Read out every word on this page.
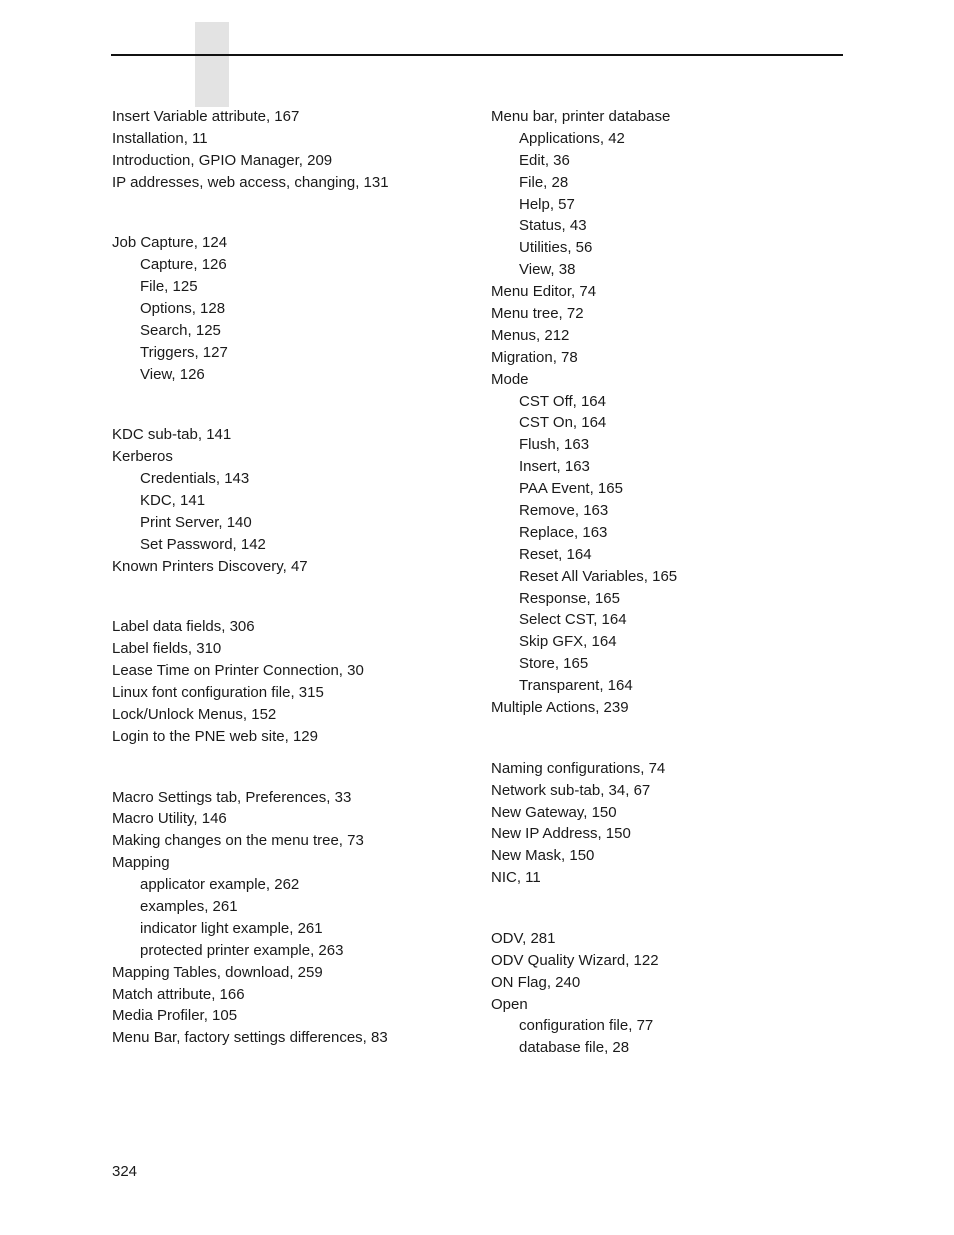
Insert Variable attribute, 167
Installation, 11
Introduction, GPIO Manager, 209
IP addresses, web access, changing, 131
Job Capture, 124
Capture, 126
File, 125
Options, 128
Search, 125
Triggers, 127
View, 126
KDC sub-tab, 141
Kerberos
Credentials, 143
KDC, 141
Print Server, 140
Set Password, 142
Known Printers Discovery, 47
Label data fields, 306
Label fields, 310
Lease Time on Printer Connection, 30
Linux font configuration file, 315
Lock/Unlock Menus, 152
Login to the PNE web site, 129
Macro Settings tab, Preferences, 33
Macro Utility, 146
Making changes on the menu tree, 73
Mapping
applicator example, 262
examples, 261
indicator light example, 261
protected printer example, 263
Mapping Tables, download, 259
Match attribute, 166
Media Profiler, 105
Menu Bar, factory settings differences, 83
Menu bar, printer database
Applications, 42
Edit, 36
File, 28
Help, 57
Status, 43
Utilities, 56
View, 38
Menu Editor, 74
Menu tree, 72
Menus, 212
Migration, 78
Mode
CST Off, 164
CST On, 164
Flush, 163
Insert, 163
PAA Event, 165
Remove, 163
Replace, 163
Reset, 164
Reset All Variables, 165
Response, 165
Select CST, 164
Skip GFX, 164
Store, 165
Transparent, 164
Multiple Actions, 239
Naming configurations, 74
Network sub-tab, 34, 67
New Gateway, 150
New IP Address, 150
New Mask, 150
NIC, 11
ODV, 281
ODV Quality Wizard, 122
ON Flag, 240
Open
configuration file, 77
database file, 28
324
